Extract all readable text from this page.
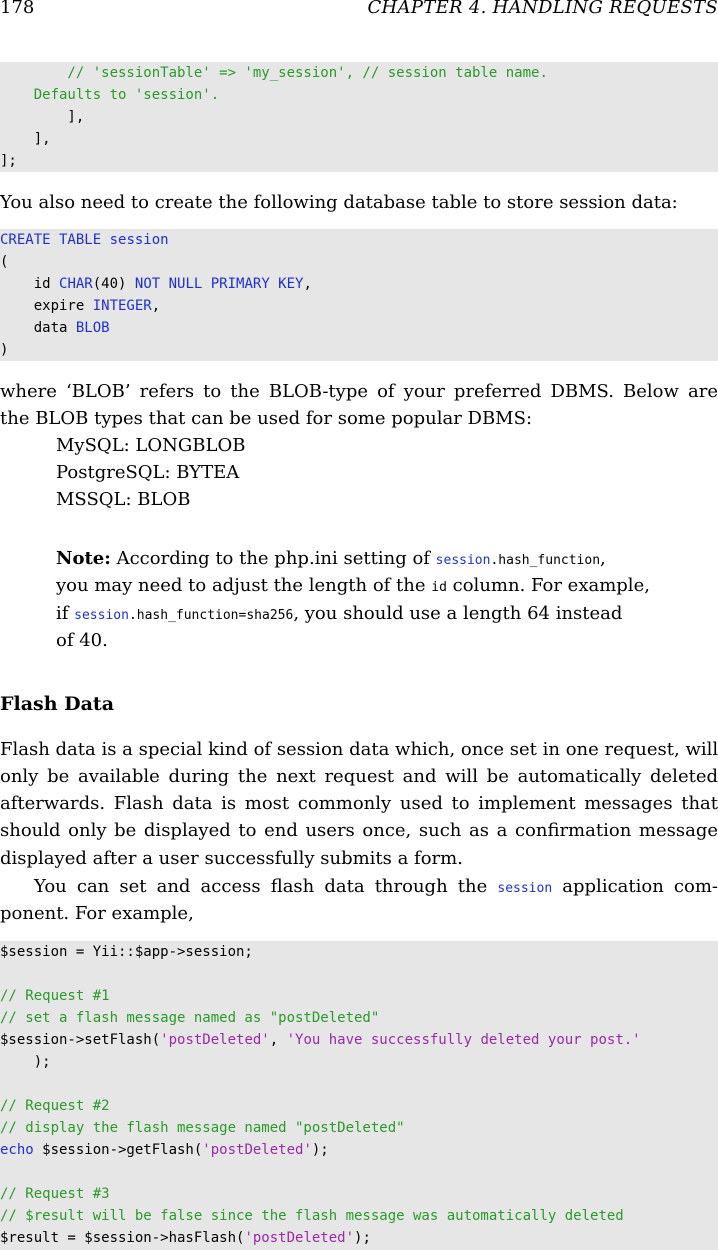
178	CHAPTER 4. HANDLING REQUESTS
// 'sessionTable' => 'my_session', // session table name.
Defaults to 'session'.
],
],
];
You also need to create the following database table to store session data:
CREATE TABLE session
(
id CHAR(40) NOT NULL PRIMARY KEY,
expire INTEGER,
data BLOB
)
where ‘BLOB’ refers to the BLOB-type of your preferred DBMS. Below are
the BLOB types that can be used for some popular DBMS:
MySQL: LONGBLOB
PostgreSQL: BYTEA
MSSQL: BLOB
Note: According to the php.ini setting of session.hash_function,
you may need to adjust the length of the id column. For example,
if session.hash_function=sha256, you should use a length 64 instead
of 40.
Flash Data
Flash data is a special kind of session data which, once set in one request, will
only be available during the next request and will be automatically deleted
afterwards. Flash data is most commonly used to implement messages that
should only be displayed to end users once, such as a confirmation message
displayed after a user successfully submits a form.
You can set and access flash data through the session application com-
ponent. For example,
$session = Yii::$app->session;
// Request #1
// set a flash message named as "postDeleted"
$session->setFlash('postDeleted', 'You have successfully deleted your post.'
);
// Request #2
// display the flash message named "postDeleted"
echo $session->getFlash('postDeleted');
// Request #3
// $result will be false since the flash message was automatically deleted
$result = $session->hasFlash('postDeleted');
